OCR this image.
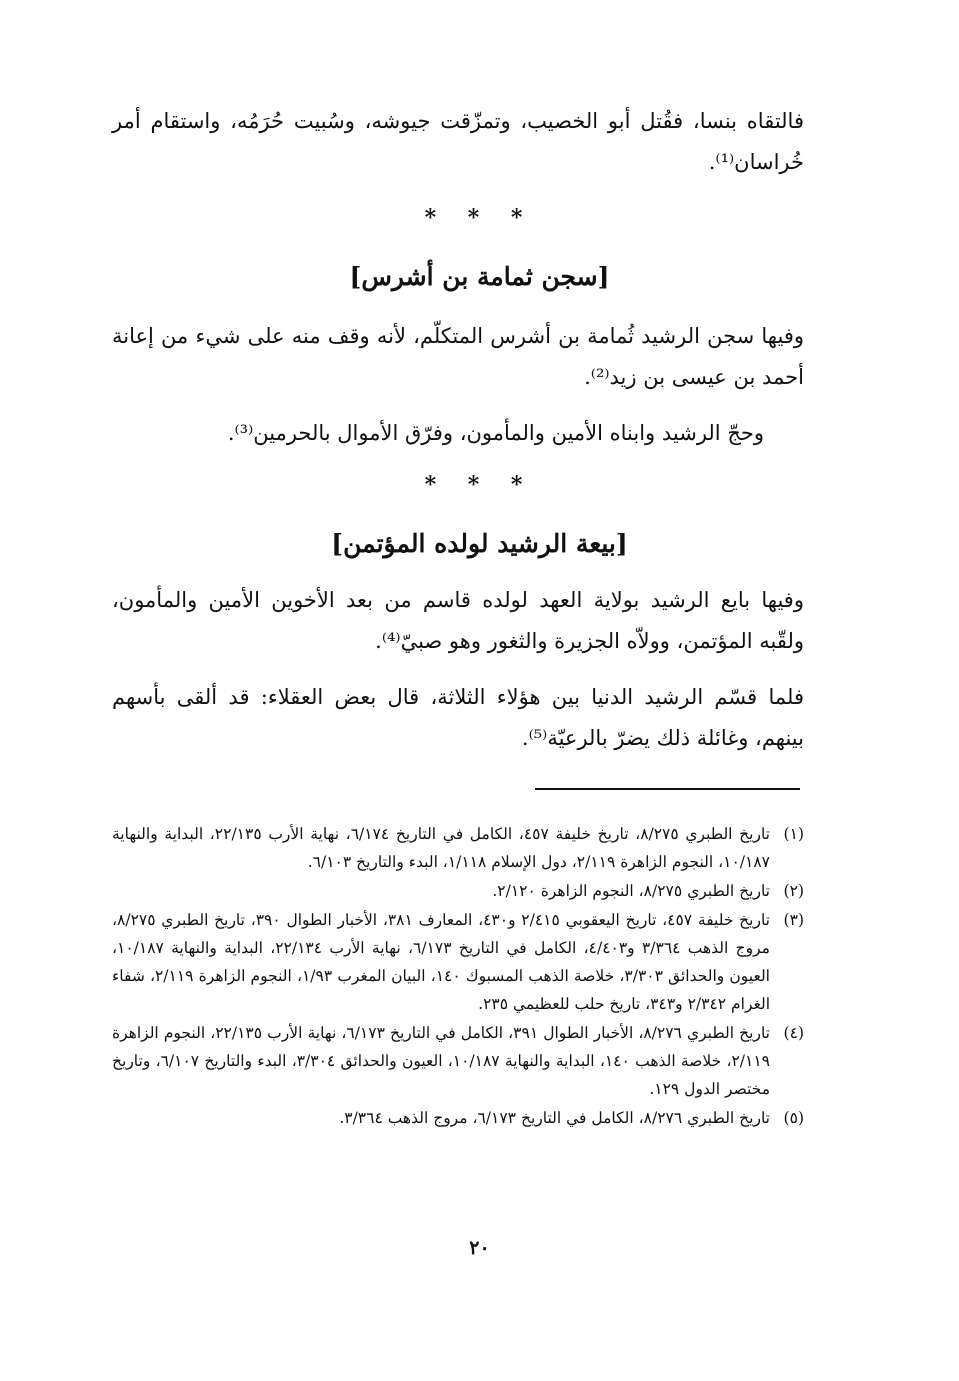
فالتقاه بنسا، فقُتل أبو الخصيب، وتمزّقت جيوشه، وسُبيت حُرَمُه، واستقام أمر خُراسان⁽¹⁾.

* * *
[سجن ثمامة بن أشرس]

وفيها سجن الرشيد ثُمامة بن أشرس المتكلّم، لأنه وقف منه على شيء من إعانة أحمد بن عيسى بن زيد⁽²⁾.

وحجّ الرشيد وابناه الأمين والمأمون، وفرّق الأموال بالحرمين⁽³⁾.

* * *
[بيعة الرشيد لولده المؤتمن]

وفيها بايع الرشيد بولاية العهد لولده قاسم من بعد الأخوين الأمين والمأمون، ولقّبه المؤتمن، وولاّه الجزيرة والثغور وهو صبيّ⁽⁴⁾.

فلما قسّم الرشيد الدنيا بين هؤلاء الثلاثة، قال بعض العقلاء: قد ألقى بأسهم بينهم، وغائلة ذلك يضرّ بالرعيّة⁽⁵⁾.

(١)
تاريخ الطبري ٨/٢٧٥، تاريخ خليفة ٤٥٧، الكامل في التاريخ ٦/١٧٤، نهاية الأرب ٢٢/١٣٥، البداية والنهاية ١٠/١٨٧، النجوم الزاهرة ٢/١١٩، دول الإسلام ١/١١٨، البدء والتاريخ ٦/١٠٣.
(٢)
تاريخ الطبري ٨/٢٧٥، النجوم الزاهرة ٢/١٢٠.
(٣)
تاريخ خليفة ٤٥٧، تاريخ اليعقوبي ٢/٤١٥ و٤٣٠، المعارف ٣٨١، الأخبار الطوال ٣٩٠، تاريخ الطبري ٨/٢٧٥، مروج الذهب ٣/٣٦٤ و٤/٤٠٣، الكامل في التاريخ ٦/١٧٣، نهاية الأرب ٢٢/١٣٤، البداية والنهاية ١٠/١٨٧، العيون والحدائق ٣/٣٠٣، خلاصة الذهب المسبوك ١٤٠، البيان المغرب ١/٩٣، النجوم الزاهرة ٢/١١٩، شفاء الغرام ٢/٣٤٢ و٣٤٣، تاريخ حلب للعظيمي ٢٣٥.
(٤)
تاريخ الطبري ٨/٢٧٦، الأخبار الطوال ٣٩١، الكامل في التاريخ ٦/١٧٣، نهاية الأرب ٢٢/١٣٥، النجوم الزاهرة ٢/١١٩، خلاصة الذهب ١٤٠، البداية والنهاية ١٠/١٨٧، العيون والحدائق ٣/٣٠٤، البدء والتاريخ ٦/١٠٧، وتاريخ مختصر الدول ١٢٩.
(٥)
تاريخ الطبري ٨/٢٧٦، الكامل في التاريخ ٦/١٧٣، مروج الذهب ٣/٣٦٤.
٢٠
